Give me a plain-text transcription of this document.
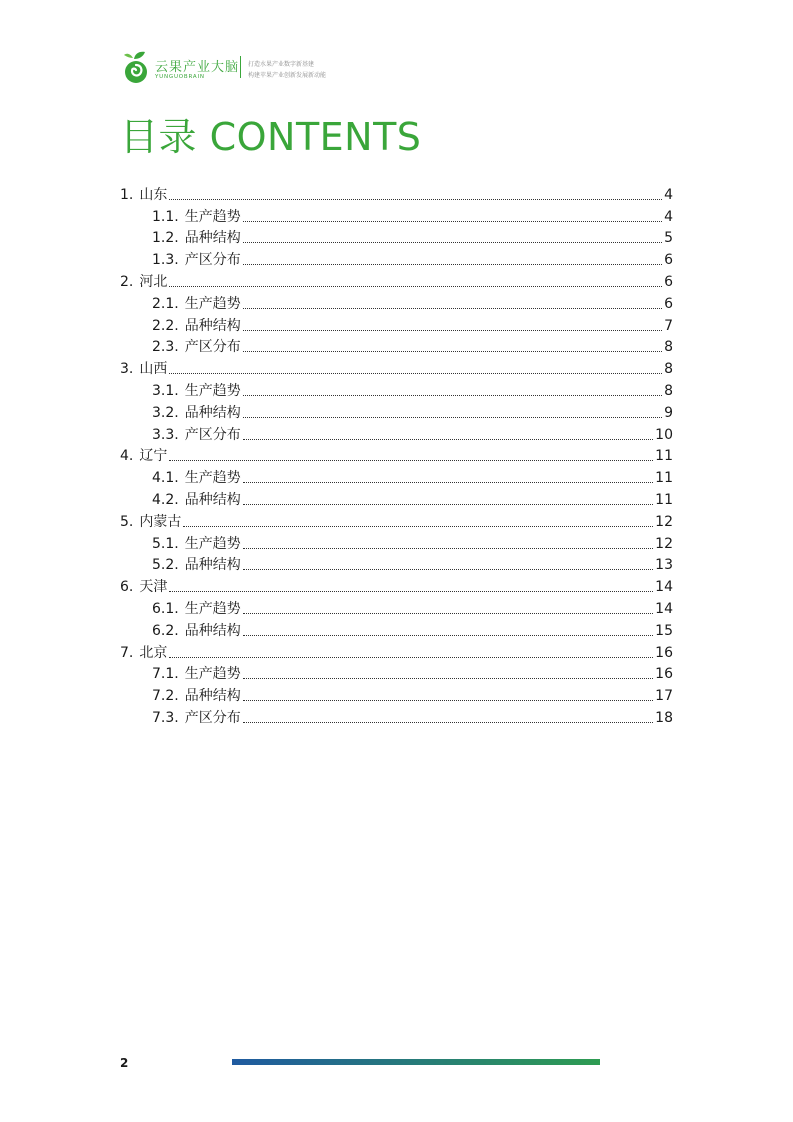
云果产业大脑
YUNGUOBRAIN
打造水果产业数字新基建
构建苹果产业创新发展新动能
目录 CONTENTS
1. 山东	4
1.1. 生产趋势	4
1.2. 品种结构	5
1.3. 产区分布	6
2. 河北	6
2.1. 生产趋势	6
2.2. 品种结构	7
2.3. 产区分布	8
3. 山西	8
3.1. 生产趋势	8
3.2. 品种结构	9
3.3. 产区分布	10
4. 辽宁	11
4.1. 生产趋势	11
4.2. 品种结构	11
5. 内蒙古	12
5.1. 生产趋势	12
5.2. 品种结构	13
6. 天津	14
6.1. 生产趋势	14
6.2. 品种结构	15
7. 北京	16
7.1. 生产趋势	16
7.2. 品种结构	17
7.3. 产区分布	18
2
